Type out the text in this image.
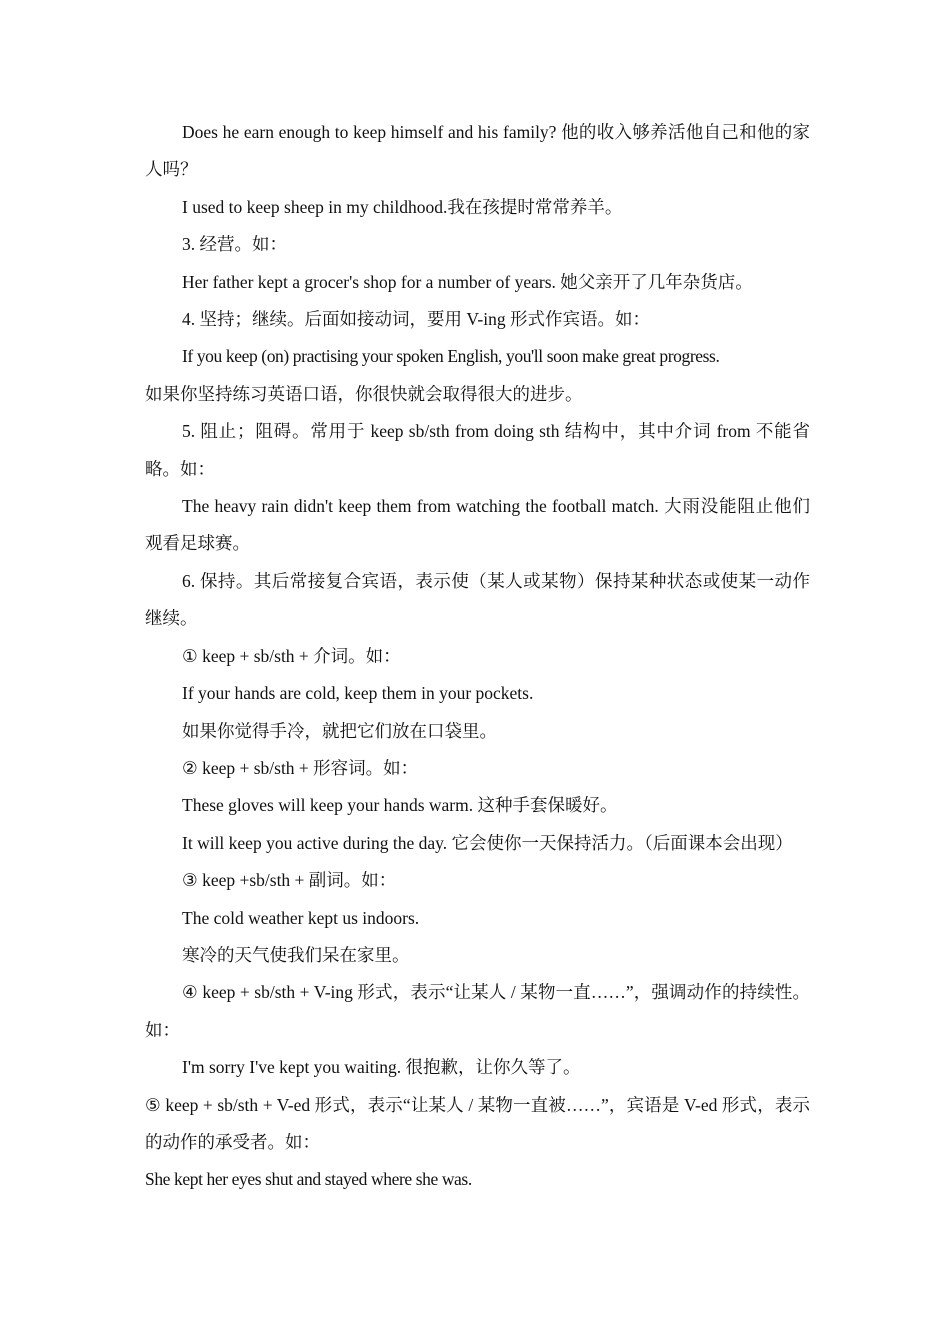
Does he earn enough to keep himself and his family? 他的收入够养活他自己和他的家人吗？

I used to keep sheep in my childhood.我在孩提时常常养羊。

3. 经营。如：

Her father kept a grocer's shop for a number of years. 她父亲开了几年杂货店。

4. 坚持；继续。后面如接动词，要用 V-ing 形式作宾语。如：

If you keep (on) practising your spoken English, you'll soon make great progress.

如果你坚持练习英语口语，你很快就会取得很大的进步。

5. 阻止；阻碍。常用于 keep sb/sth from doing sth 结构中，其中介词 from 不能省略。如：

The heavy rain didn't keep them from watching the football match. 大雨没能阻止他们观看足球赛。

6. 保持。其后常接复合宾语，表示使（某人或某物）保持某种状态或使某一动作继续。

① keep + sb/sth + 介词。如：

If your hands are cold, keep them in your pockets.

如果你觉得手冷，就把它们放在口袋里。

② keep + sb/sth + 形容词。如：

These gloves will keep your hands warm. 这种手套保暖好。

It will keep you active during the day. 它会使你一天保持活力。（后面课本会出现）

③ keep +sb/sth + 副词。如：

The cold weather kept us indoors.

寒冷的天气使我们呆在家里。

④ keep + sb/sth + V-ing 形式，表示“让某人 / 某物一直……”，强调动作的持续性。如：

I'm sorry I've kept you waiting. 很抱歉，让你久等了。

⑤ keep + sb/sth + V-ed 形式，表示“让某人 / 某物一直被……”，宾语是 V-ed 形式，表示的动作的承受者。如：

She kept her eyes shut and stayed where she was.
